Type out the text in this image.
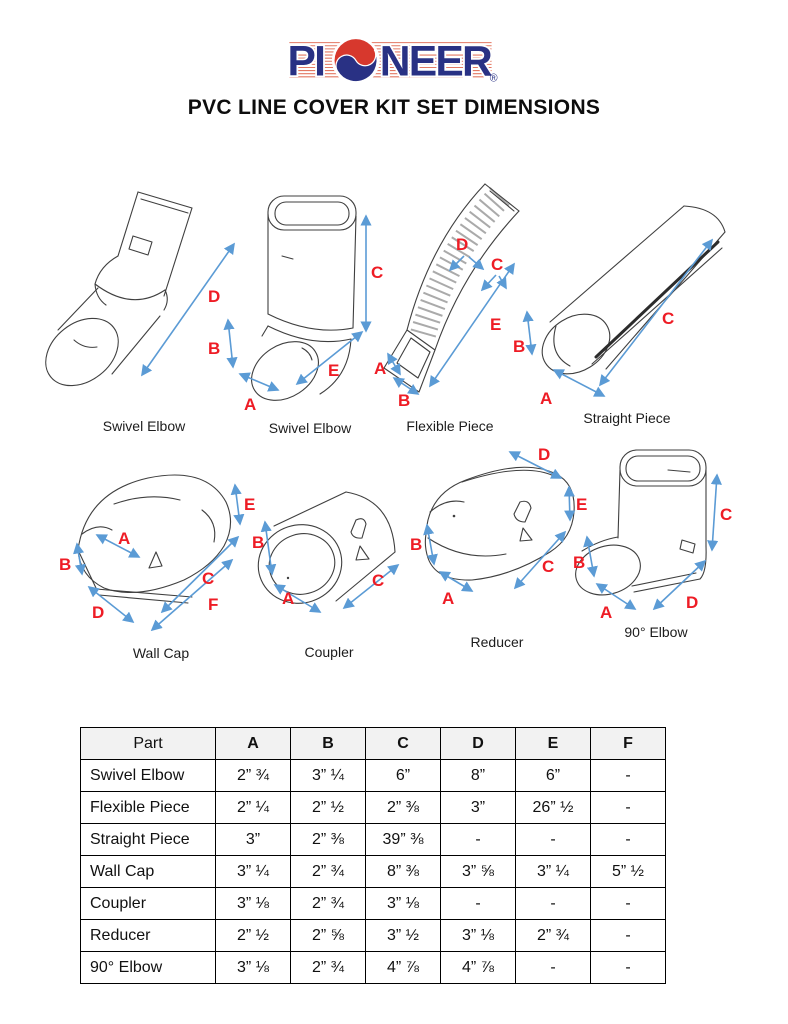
PI NEER
®
PVC LINE COVER KIT SET DIMENSIONS
D
B
Swivel Elbow
C
E
A
Swivel Elbow
D
C
E
A
B
Flexible Piece
B
A
C
Straight Piece
E
A
B
C
F
D
Wall Cap
B
A
C
Coupler
D
E
B
A
C
Reducer
C
B
A
D
90° Elbow
Part	A	B	C	D	E	F
Swivel Elbow	2” ¾	3” ¼	6”	8”	6”	-
Flexible Piece	2” ¼	2” ½	2” ⅜	3”	26” ½	-
Straight Piece	3”	2” ⅜	39” ⅜	-	-	-
Wall Cap	3” ¼	2” ¾	8” ⅜	3” ⅝	3” ¼	5” ½
Coupler	3” ⅛	2” ¾	3” ⅛	-	-	-
Reducer	2” ½	2” ⅝	3” ½	3” ⅛	2” ¾	-
90° Elbow	3” ⅛	2” ¾	4” ⅞	4” ⅞	-	-
